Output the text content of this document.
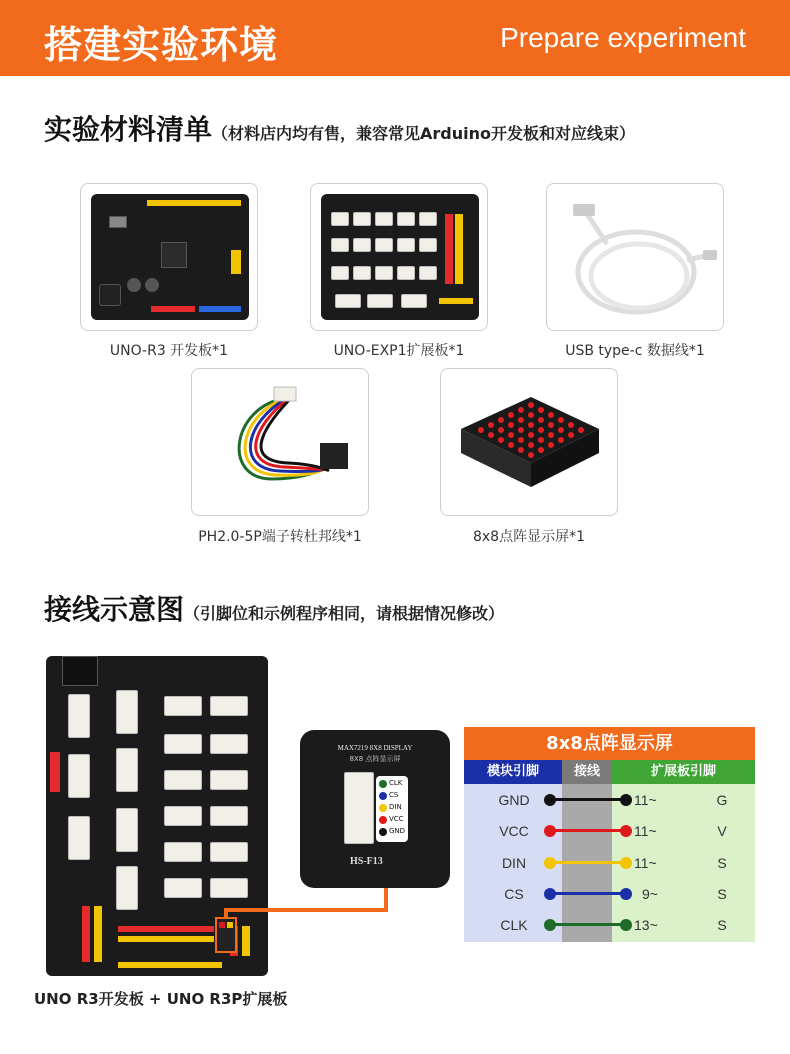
搭建实验环境	Prepare experiment
实验材料清单（材料店内均有售，兼容常见Arduino开发板和对应线束）
UNO-R3 开发板*1	UNO-EXP1扩展板*1	USB type-c 数据线*1
PH2.0-5P端子转杜邦线*1	8x8点阵显示屏*1
接线示意图（引脚位和示例程序相同，请根据情况修改）
MAX7219 8X8 DISPLAY
8X8 点阵显示屏
CLK
CS
DIN
VCC
GND
HS-F13
8x8点阵显示屏
模块引脚	接线	扩展板引脚
GND	11~	G
VCC	11~	V
DIN	11~	S
CS	9~	S
CLK	13~	S
UNO R3开发板 + UNO R3P扩展板
